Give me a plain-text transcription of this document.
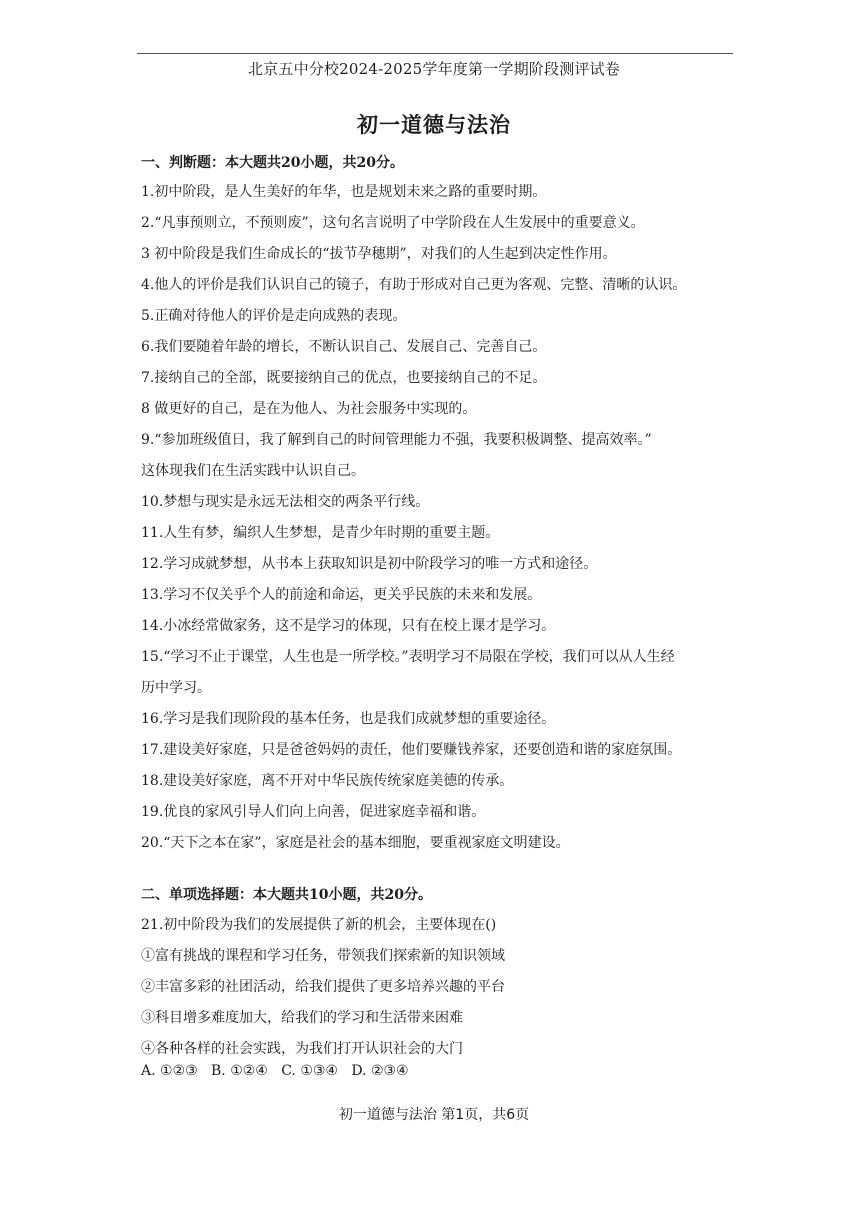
北京五中分校2024-2025学年度第一学期阶段测评试卷
初一道德与法治
一、判断题：本大题共20小题，共20分。
1.初中阶段，是人生美好的年华，也是规划未来之路的重要时期。
2.“凡事预则立，不预则废”，这句名言说明了中学阶段在人生发展中的重要意义。
3 初中阶段是我们生命成长的“拔节孕穗期”，对我们的人生起到决定性作用。
4.他人的评价是我们认识自己的镜子，有助于形成对自己更为客观、完整、清晰的认识。
5.正确对待他人的评价是走向成熟的表现。
6.我们要随着年龄的增长，不断认识自己、发展自己、完善自己。
7.接纳自己的全部，既要接纳自己的优点，也要接纳自己的不足。
8 做更好的自己，是在为他人、为社会服务中实现的。
9.“参加班级值日，我了解到自己的时间管理能力不强，我要积极调整、提高效率。”
这体现我们在生活实践中认识自己。
10.梦想与现实是永远无法相交的两条平行线。
11.人生有梦，编织人生梦想，是青少年时期的重要主题。
12.学习成就梦想，从书本上获取知识是初中阶段学习的唯一方式和途径。
13.学习不仅关乎个人的前途和命运，更关乎民族的未来和发展。
14.小冰经常做家务，这不是学习的体现，只有在校上课才是学习。
15.“学习不止于课堂，人生也是一所学校。”表明学习不局限在学校，我们可以从人生经
历中学习。
16.学习是我们现阶段的基本任务，也是我们成就梦想的重要途径。
17.建设美好家庭，只是爸爸妈妈的责任，他们要赚钱养家，还要创造和谐的家庭氛围。
18.建设美好家庭，离不开对中华民族传统家庭美德的传承。
19.优良的家风引导人们向上向善，促进家庭幸福和谐。
20.“天下之本在家”，家庭是社会的基本细胞，要重视家庭文明建设。
二、单项选择题：本大题共10小题，共20分。
21.初中阶段为我们的发展提供了新的机会，主要体现在()
①富有挑战的课程和学习任务，带领我们探索新的知识领域
②丰富多彩的社团活动，给我们提供了更多培养兴趣的平台
③科目增多难度加大，给我们的学习和生活带来困难
④各种各样的社会实践，为我们打开认识社会的大门
A. ①②③   B. ①②④   C. ①③④   D. ②③④
初一道德与法治 第1页，共6页
